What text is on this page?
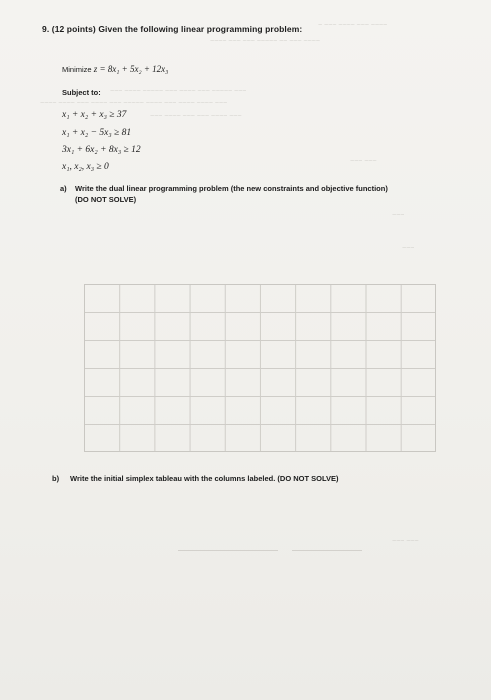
~ ~~~ ~~~~ ~~~ ~~~~
~~~~ ~~~ ~~~ ~~~~~ ~~ ~~~ ~~~~
~~~ ~~~~ ~~~~~ ~~~ ~~~~ ~~~ ~~~~~ ~~~
~~~~ ~~~~ ~~~ ~~~~ ~~~ ~~~~~ ~~~~ ~~~ ~~~~ ~~~~ ~~~
~~~ ~~~~ ~~~ ~~~ ~~~~ ~~~
~~~ ~~~
~~~
~~~
~~~ ~~~
9. (12 points) Given the following linear programming problem:
Minimize z = 8x₁ + 5x₂ + 12x₃
Subject to:
x₁ + x₂ + x₃ ≥ 37
x₁ + x₂ − 5x₃ ≥ 81
3x₁ + 6x₂ + 8x₃ ≥ 12
x₁, x₂, x₃ ≥ 0
a) Write the dual linear programming problem (the new constraints and objective function)
(DO NOT SOLVE)
b) Write the initial simplex tableau with the columns labeled. (DO NOT SOLVE)
